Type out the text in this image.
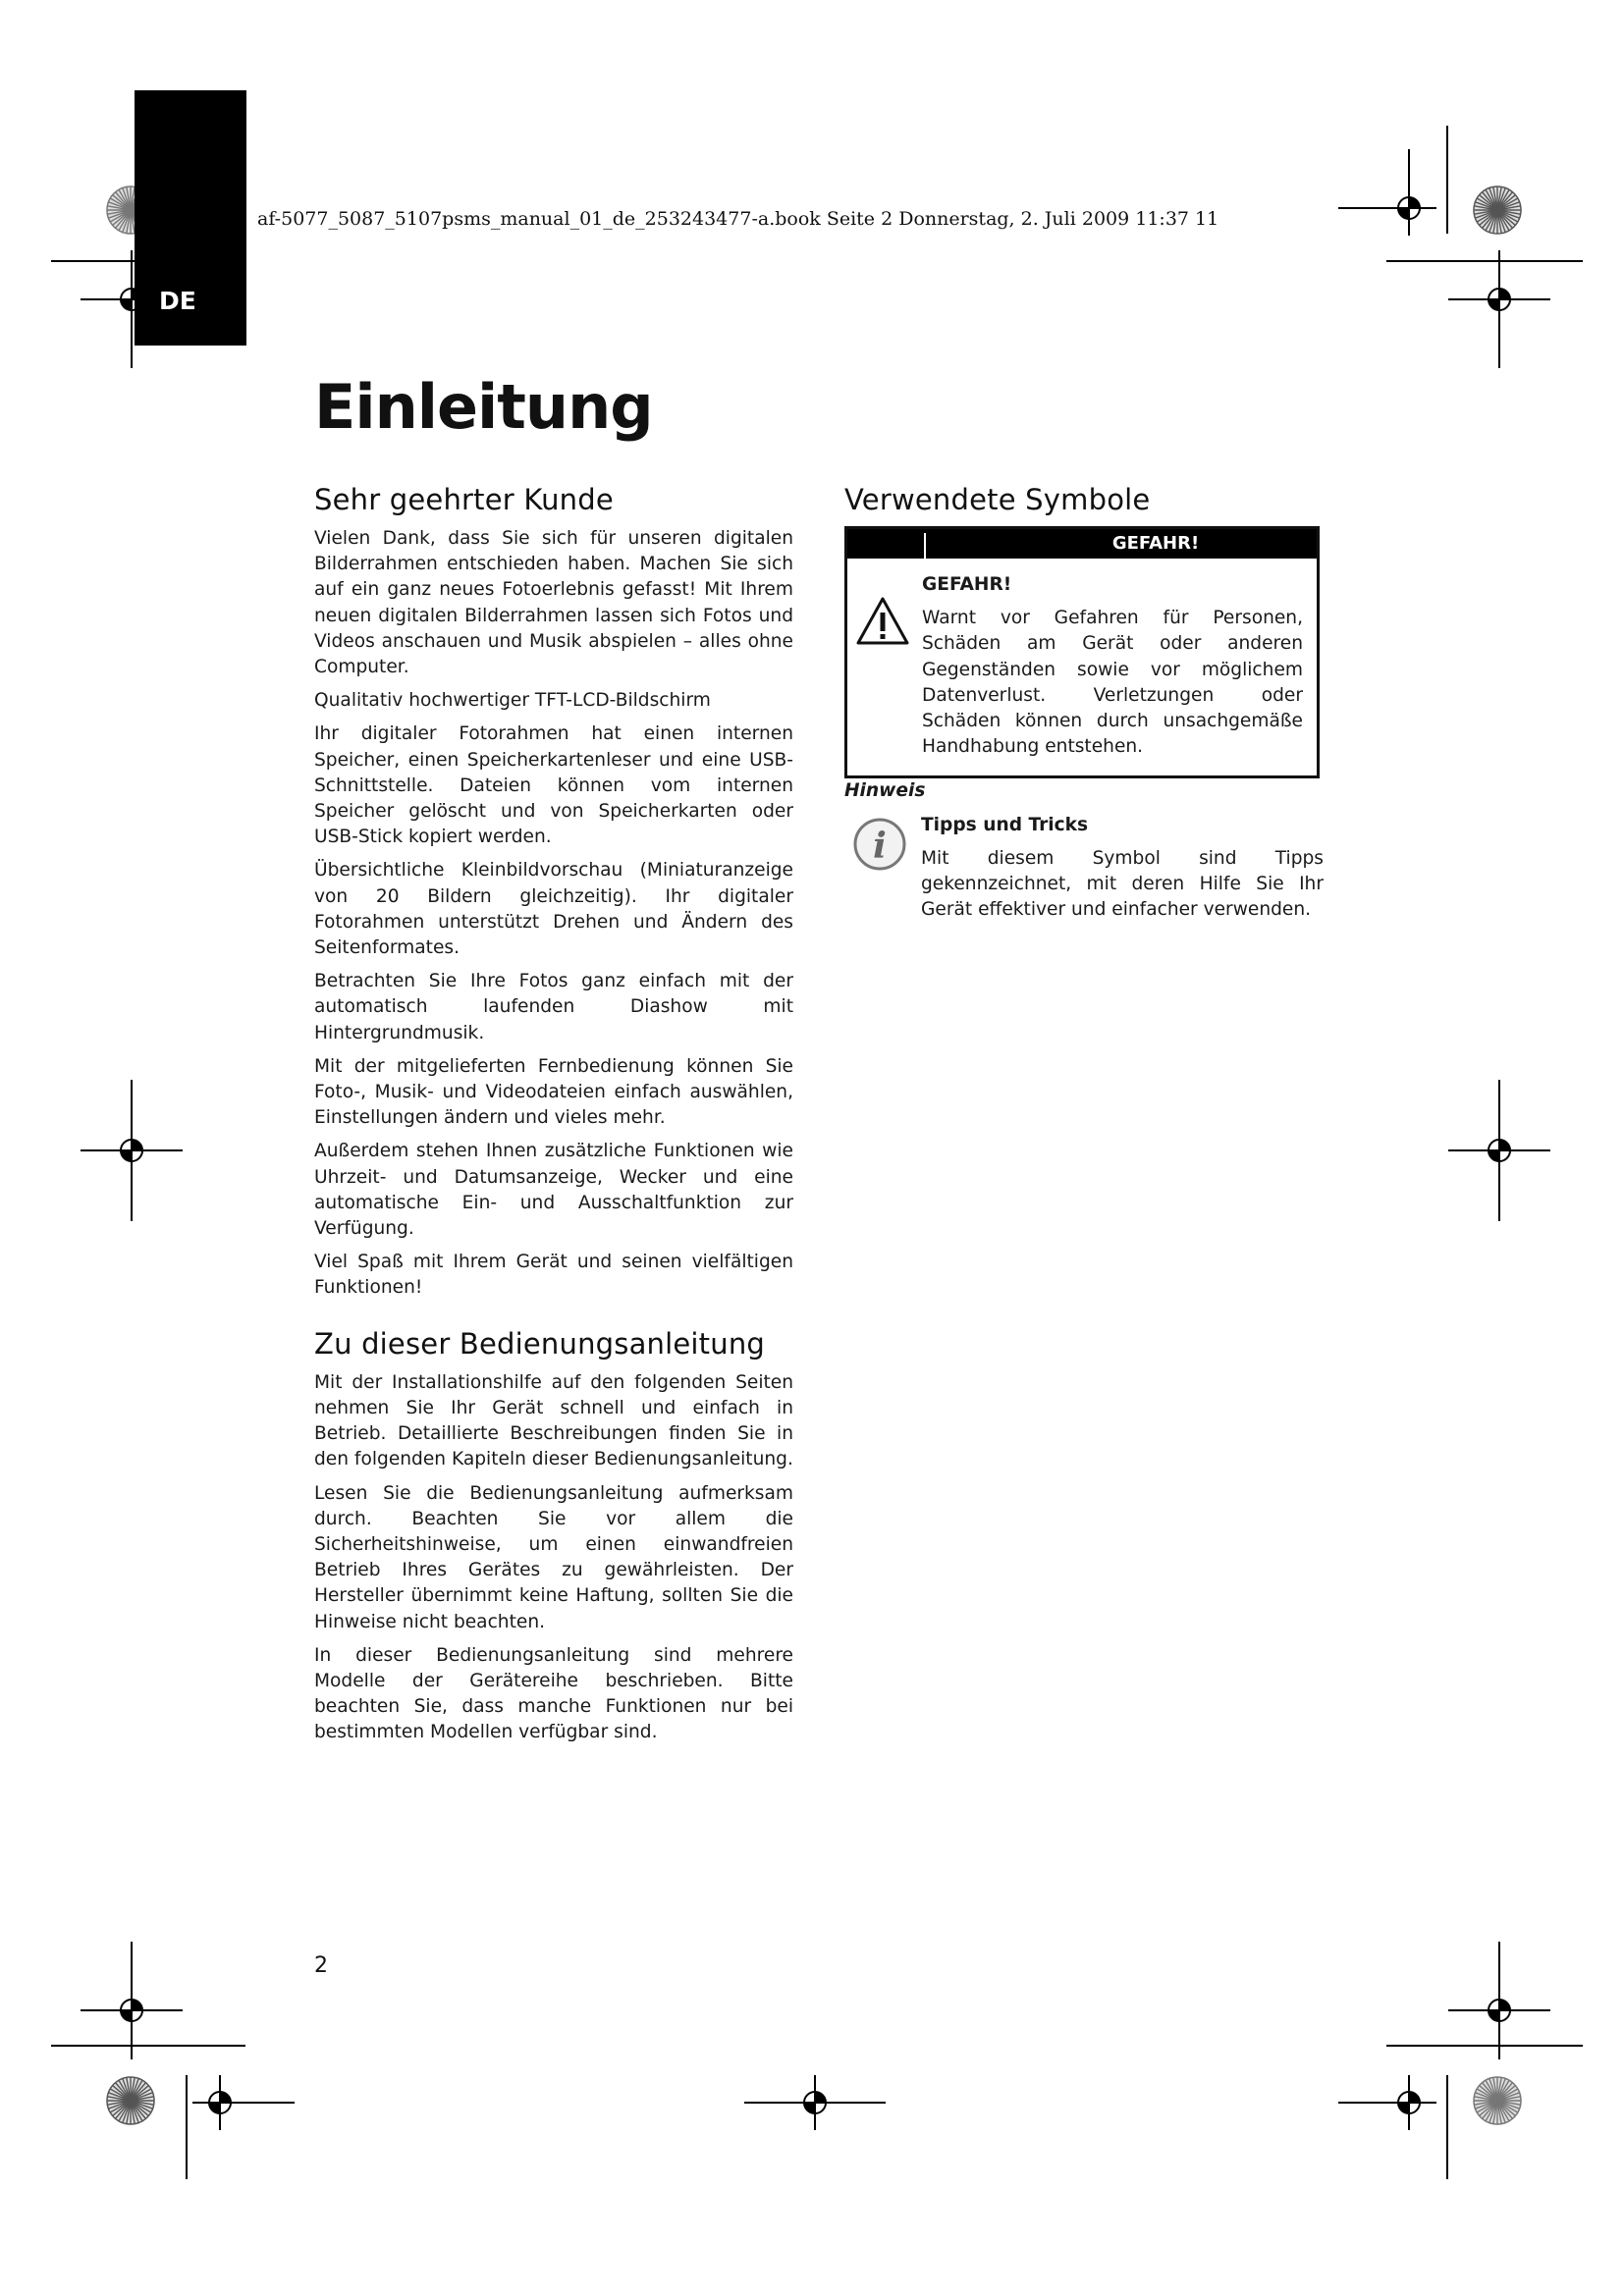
DE
af-5077_5087_5107psms_manual_01_de_253243477-a.book Seite 2 Donnerstag, 2. Juli 2009 11:37 11
Einleitung
Sehr geehrter Kunde

Vielen Dank, dass Sie sich für unseren digitalen Bilderrahmen entschieden haben. Machen Sie sich auf ein ganz neues Fotoerlebnis gefasst! Mit Ihrem neuen digitalen Bilderrahmen lassen sich Fotos und Videos anschauen und Musik abspielen – alles ohne Computer.

Qualitativ hochwertiger TFT-LCD-Bildschirm

Ihr digitaler Fotorahmen hat einen internen Speicher, einen Speicherkartenleser und eine USB-Schnittstelle. Dateien können vom internen Speicher gelöscht und von Speicherkarten oder USB-Stick kopiert werden.

Übersichtliche Kleinbildvorschau (Miniaturanzeige von 20 Bildern gleichzeitig). Ihr digitaler Fotorahmen unterstützt Drehen und Ändern des Seitenformates.

Betrachten Sie Ihre Fotos ganz einfach mit der automatisch laufenden Diashow mit Hintergrundmusik.

Mit der mitgelieferten Fernbedienung können Sie Foto-, Musik- und Videodateien einfach auswählen, Einstellungen ändern und vieles mehr.

Außerdem stehen Ihnen zusätzliche Funktionen wie Uhrzeit- und Datumsanzeige, Wecker und eine automatische Ein- und Ausschaltfunktion zur Verfügung.

Viel Spaß mit Ihrem Gerät und seinen vielfältigen Funktionen!

Zu dieser Bedienungsanleitung

Mit der Installationshilfe auf den folgenden Seiten nehmen Sie Ihr Gerät schnell und einfach in Betrieb. Detaillierte Beschreibungen finden Sie in den folgenden Kapiteln dieser Bedienungsanleitung.

Lesen Sie die Bedienungsanleitung aufmerksam durch. Beachten Sie vor allem die Sicherheitshinweise, um einen einwandfreien Betrieb Ihres Gerätes zu gewährleisten. Der Hersteller übernimmt keine Haftung, sollten Sie die Hinweise nicht beachten.

In dieser Bedienungsanleitung sind mehrere Modelle der Gerätereihe beschrieben. Bitte beachten Sie, dass manche Funktionen nur bei bestimmten Modellen verfügbar sind.

Verwendete Symbole
GEFAHR!

GEFAHR!

Warnt vor Gefahren für Personen, Schäden am Gerät oder anderen Gegenständen sowie vor möglichem Datenverlust. Verletzungen oder Schäden können durch unsachgemäße Handhabung entstehen.

Hinweis

i

Tipps und Tricks

Mit diesem Symbol sind Tipps gekennzeichnet, mit deren Hilfe Sie Ihr Gerät effektiver und einfacher verwenden.

2
